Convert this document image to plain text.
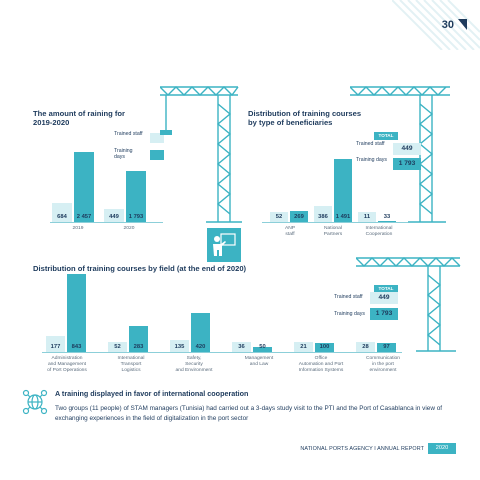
30
The amount of raining for
2019-2020
Trained staff
Training days
684	2 457	449	1 793
2019	2020
Distribution of training courses
by type of beneficiaries
TOTAL
Trained staff
449
Training days	1 793
52	269	386	1 491	11	33
ANP
staff
National
Partners
International
Cooperation
Distribution of training courses by field (at the end of 2020)
TOTAL
Trained staff	449
Training days	1 793
177	843	52	283	135	420	36	50	21	100	28	97
Administration
and Management
of Port Operations
International
Transport
Logistics
Safety,
Security
and Environment
Management
and Law
Office
Automation and Port
Information Systems
Communication
in the port
environment
A training displayed in favor of international cooperation
Two groups (11 people) of STAM managers (Tunisia) had carried out a 3-days study visit to the PTI and the Port of Casablanca in view of exchanging experiences in the field of digitalization in the port sector
NATIONAL PORTS AGENCY I ANNUAL REPORT	2020
